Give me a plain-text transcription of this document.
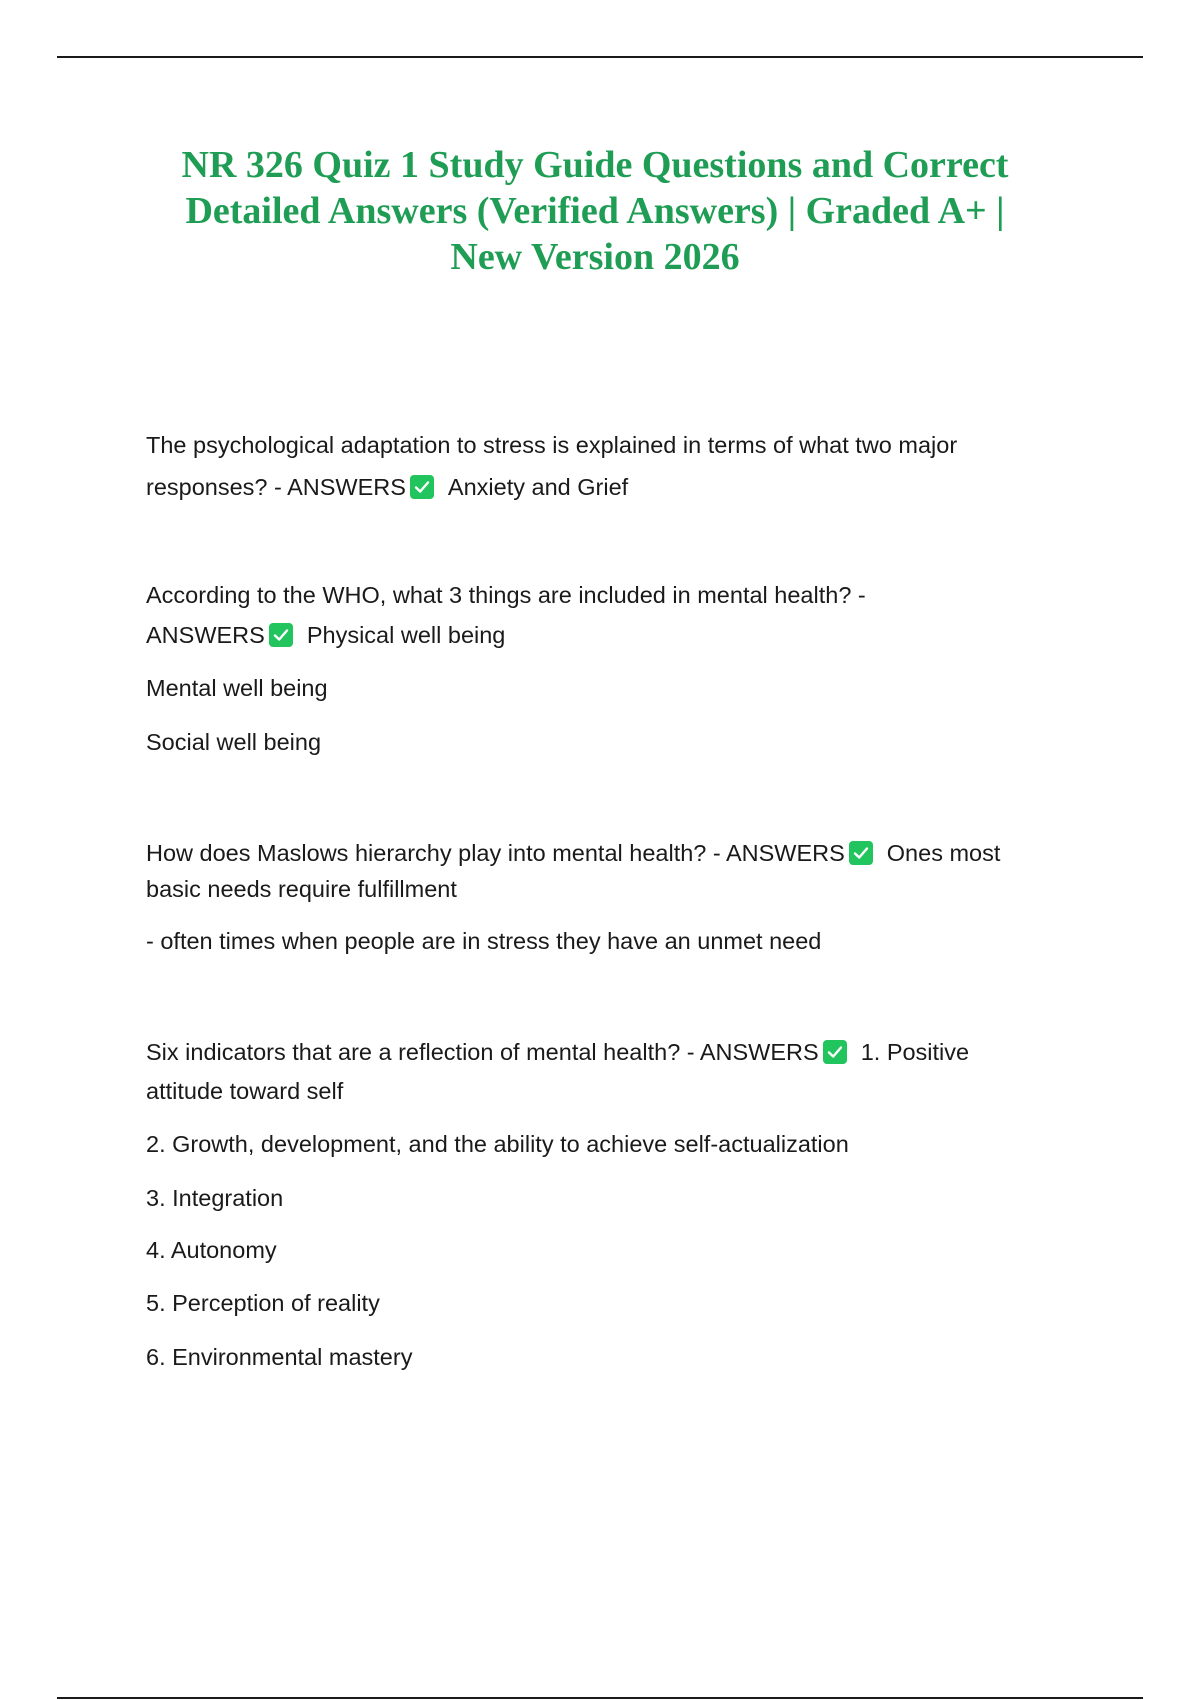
NR 326 Quiz 1 Study Guide Questions and Correct
Detailed Answers (Verified Answers) | Graded A+ |
New Version 2026
The psychological adaptation to stress is explained in terms of what two major
responses? - ANSWERS Anxiety and Grief
According to the WHO, what 3 things are included in mental health? -
ANSWERS Physical well being
Mental well being
Social well being
How does Maslows hierarchy play into mental health? - ANSWERS Ones most
basic needs require fulfillment
- often times when people are in stress they have an unmet need
Six indicators that are a reflection of mental health? - ANSWERS 1. Positive
attitude toward self
2. Growth, development, and the ability to achieve self-actualization
3. Integration
4. Autonomy
5. Perception of reality
6. Environmental mastery
